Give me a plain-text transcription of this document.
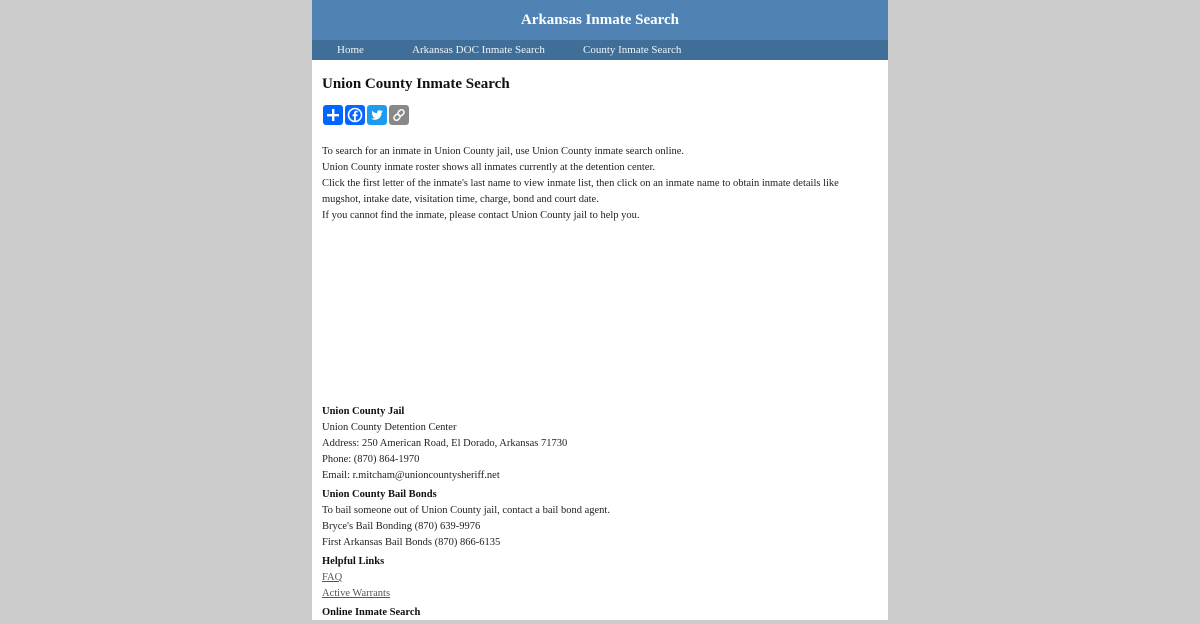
Arkansas Inmate Search
Home	Arkansas DOC Inmate Search	County Inmate Search
Union County Inmate Search

To search for an inmate in Union County jail, use Union County inmate search online.

Union County inmate roster shows all inmates currently at the detention center.

Click the first letter of the inmate's last name to view inmate list, then click on an inmate name to obtain inmate details like mugshot, intake date, visitation time, charge, bond and court date.

If you cannot find the inmate, please contact Union County jail to help you.

Union County Jail

Union County Detention Center

Address: 250 American Road, El Dorado, Arkansas 71730

Phone: (870) 864-1970

Email: r.mitcham@unioncountysheriff.net

Union County Bail Bonds

To bail someone out of Union County jail, contact a bail bond agent.

Bryce's Bail Bonding (870) 639-9976

First Arkansas Bail Bonds (870) 866-6135

Helpful Links

FAQ

Active Warrants

Online Inmate Search
